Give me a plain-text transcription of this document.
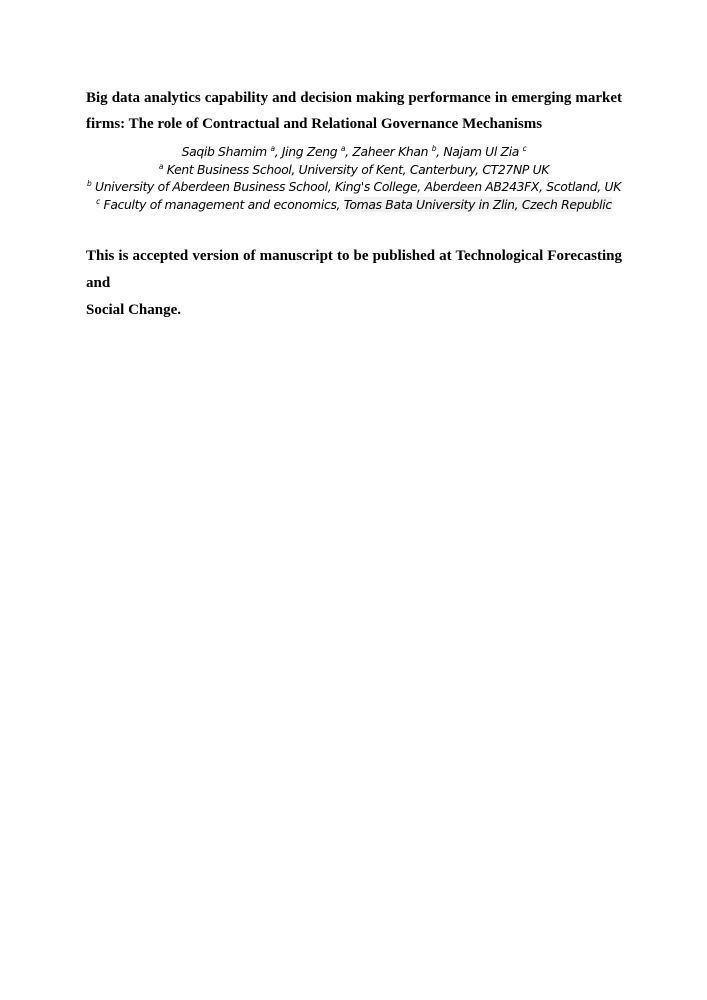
Big data analytics capability and decision making performance in emerging market
firms: The role of Contractual and Relational Governance Mechanisms
Saqib Shamim $^a$, Jing Zeng $^a$, Zaheer Khan $^b$, Najam Ul Zia $^c$
$^a$ Kent Business School, University of Kent, Canterbury, CT27NP UK
$^b$ University of Aberdeen Business School, King's College, Aberdeen AB243FX, Scotland, UK
$^c$ Faculty of management and economics, Tomas Bata University in Zlin, Czech Republic

This is accepted version of manuscript to be published at Technological Forecasting and
Social Change.
